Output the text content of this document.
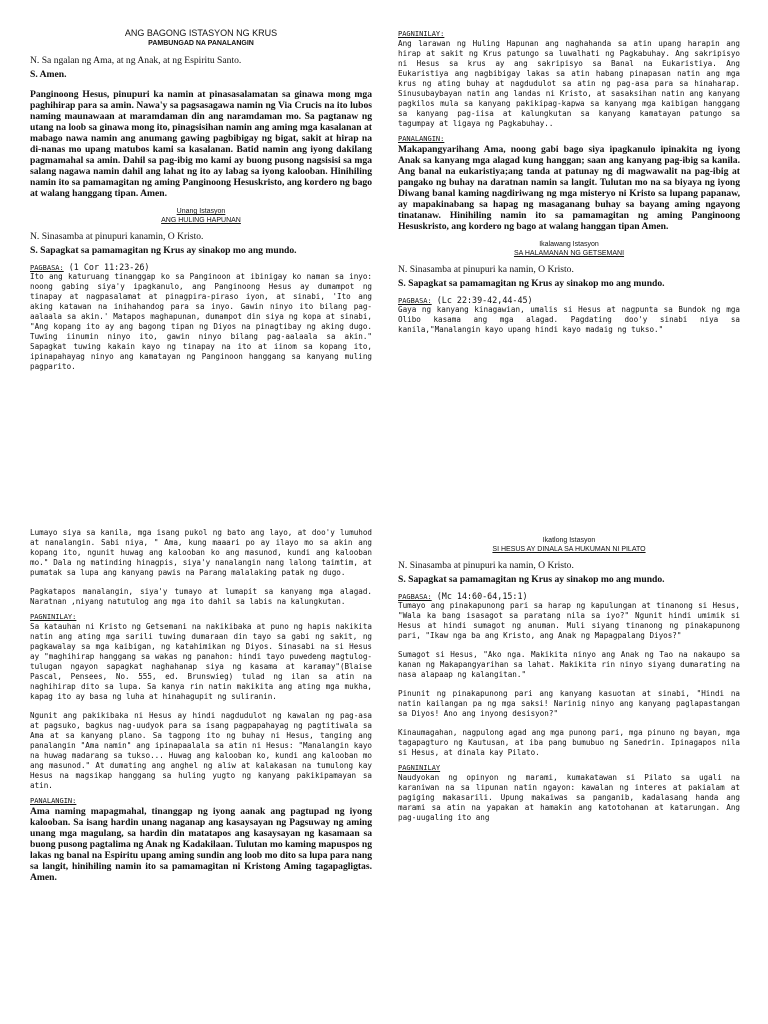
ANG BAGONG ISTASYON NG KRUS
PAMBUNGAD NA PANALANGIN

N. Sa ngalan ng Ama, at ng Anak, at ng Espiritu Santo.

S. Amen.

Panginoong Hesus, pinupuri ka namin at pinasasalamatan sa ginawa mong mga paghihirap para sa amin. Nawa'y sa pagsasagawa namin ng Via Crucis na ito lubos naming maunawaan at maramdaman din ang naramdaman mo. Sa pagtanaw ng utang na loob sa ginawa mong ito, pinagsisihan namin ang aming mga kasalanan at mabago nawa namin ang anumang gawing pagbibigay ng bigat, sakit at hirap na di-nanas mo upang matubos kami sa kasalanan. Batid namin ang iyong dakilang pagmamahal sa amin. Dahil sa pag-ibig mo kami ay buong pusong nagsisisi sa mga salang nagawa namin dahil ang lahat ng ito ay labag sa iyong kalooban. Hinihiling namin ito sa pamamagitan ng aming Panginoong Hesuskristo, ang kordero ng bago at walang hanggang tipan. Amen.

Unang Istasyon
ANG HULING HAPUNAN

N. Sinasamba at pinupuri kanamin, O Kristo.

S. Sapagkat sa pamamagitan ng Krus ay sinakop mo ang mundo.

PAGBASA: (1 Cor 11:23-26)

Ito ang katuruang tinanggap ko sa Panginoon at ibinigay ko naman sa inyo: noong gabing siya'y ipagkanulo, ang Panginoong Hesus ay dumampot ng tinapay at nagpasalamat at pinagpira-piraso iyon, at sinabi, 'Ito ang aking katawan na inihahandog para sa inyo. Gawin ninyo ito bilang pag-aalaala sa akin.' Matapos maghapunan, dumampot din siya ng kopa at sinabi, "Ang kopang ito ay ang bagong tipan ng Diyos na pinagtibay ng aking dugo. Tuwing iinumin ninyo ito, gawin ninyo bilang pag-aalaala sa akin." Sapagkat tuwing kakain kayo ng tinapay na ito at iinom sa kopang ito, ipinapahayag ninyo ang kamatayan ng Panginoon hanggang sa kanyang muling pagparito.

PAGNINILAY:

Ang larawan ng Huling Hapunan ang naghahanda sa atin upang harapin ang hirap at sakit ng Krus patungo sa luwalhati ng Pagkabuhay. Ang sakripisyo ni Hesus sa krus ay ang sakripisyo sa Banal na Eukaristiya. Ang Eukaristiya ang nagbibigay lakas sa atin habang pinapasan natin ang mga krus ng ating buhay at nagdudulot sa atin ng pag-asa para sa hinaharap. Sinusubaybayan natin ang landas ni Kristo, at sasaksihan natin ang kanyang pagkilos mula sa kanyang pakikipag-kapwa sa kanyang mga kaibigan hanggang sa kanyang pag-iisa at kalungkutan sa kanyang kamatayan patungo sa tagumpay at ligaya ng Pagkabuhay..

PANALANGIN:

Makapangyarihang Ama, noong gabi bago siya ipagkanulo ipinakita ng iyong Anak sa kanyang mga alagad kung hanggan; saan ang kanyang pag-ibig sa kanila. Ang banal na eukaristiya;ang tanda at patunay ng di magwawalit na pag-ibig at pangako ng buhay na daratnan namin sa langit. Tulutan mo na sa biyaya ng iyong Diwang banal kaming nagdiriwang ng mga misteryo ni Kristo sa lupang papanaw, ay mapakinabang sa hapag ng masaganang buhay sa bayang aming ngayong tinatanaw. Hinihiling namin ito sa pamamagitan ng aming Panginoong Hesuskristo, ang kordero ng bago at walang hanggan tipan Amen.

Ikalawang Istasyon
SA HALAMANAN NG GETSEMANI

N. Sinasamba at pinupuri ka namin, O Kristo.

S. Sapagkat sa pamamagitan ng Krus ay sinakop mo ang mundo.

PAGBASA: (Lc 22:39-42,44-45)

Gaya ng kanyang kinagawian, umalis si Hesus at nagpunta sa Bundok ng mga Olibo kasama ang mga alagad. Pagdating doo'y sinabi niya sa kanila,"Manalangin kayo upang hindi kayo madaig ng tukso."

Lumayo siya sa kanila, mga isang pukol ng bato ang layo, at doo'y lumuhod at nanalangin. Sabi niya, " Ama, kung maaari po ay ilayo mo sa akin ang kopang ito, ngunit huwag ang kalooban ko ang masunod, kundi ang kalooban mo." Dala ng matinding hinagpis, siya'y nanalangin nang lalong taimtim, at pumatak sa lupa ang kanyang pawis na Parang malalaking patak ng dugo.

Pagkatapos manalangin, siya'y tumayo at lumapit sa kanyang mga alagad. Naratnan ,niyang natutulog ang mga ito dahil sa labis na kalungkutan.

PAGNINILAY:

Sa katauhan ni Kristo ng Getsemani na nakikibaka at puno ng hapis nakikita natin ang ating mga sarili tuwing dumaraan din tayo sa gabi ng sakit, ng pagkawalay sa mga kaibigan, ng katahimikan ng Diyos. Sinasabi na si Hesus ay "maghihirap hanggang sa wakas ng panahon: hindi tayo puwedeng magtulog-tulugan ngayon sapagkat naghahanap siya ng kasama at karamay"(Blaise Pascal, Pensees, No. 555, ed. Brunswieg) tulad ng ilan sa atin na naghihirap dito sa lupa. Sa kanya rin natin makikita ang ating mga mukha, kapag ito ay basa ng luha at hinahagupit ng suliranin.

Ngunit ang pakikibaka ni Hesus ay hindi nagdudulot ng kawalan ng pag-asa at pagsuko, bagkus nag-uudyok para sa isang pagpapahayag ng pagtitiwala sa Ama at sa kanyang plano. Sa tagpong ito ng buhay ni Hesus, tanging ang panalangin "Ama namin" ang ipinapaalala sa atin ni Hesus: "Manalangin kayo na huwag madarang sa tukso... Huwag ang kalooban ko, kundi ang kalooban mo ang masunod." At dumating ang anghel ng aliw at kalakasan na tumulong kay Hesus na magsikap hanggang sa huling yugto ng kanyang pakikipamayan sa atin.

PANALANGIN:

Ama naming mapagmahal, tinanggap ng iyong aanak ang pagtupad ng iyong kalooban. Sa isang hardin unang naganap ang kasaysayan ng Pagsuway ng aming unang mga magulang, sa hardin din matatapos ang kasaysayan ng kasamaan sa buong pusong pagtalima ng Anak ng Kadakilaan. Tulutan mo kaming mapuspos ng lakas ng banal na Espiritu upang aming sundin ang loob mo dito sa lupa para nang sa langit, hinihiling namin ito sa pamamagitan ni Kristong Aming tagapagligtas. Amen.

Ikatlong Istasyon
SI HESUS AY DINALA SA HUKUMAN NI PILATO

N. Sinasamba at pinupuri ka namin, O Kristo.

S. Sapagkat sa pamamagitan ng Krus ay sinakop mo ang mundo.

PAGBASA: (Mc 14:60-64,15:1)

Tumayo ang pinakapunong pari sa harap ng kapulungan at tinanong si Hesus, "Wala ka bang isasagot sa paratang nila sa iyo?" Ngunit hindi umimik si Hesus at hindi sumagot ng anuman. Muli siyang tinanong ng pinakapunong pari, "Ikaw nga ba ang Kristo, ang Anak ng Mapagpalang Diyos?"

Sumagot si Hesus, "Ako nga. Makikita ninyo ang Anak ng Tao na nakaupo sa kanan ng Makapangyarihan sa lahat. Makikita rin ninyo siyang dumarating na nasa alapaap ng kalangitan."

Pinunit ng pinakapunong pari ang kanyang kasuotan at sinabi, "Hindi na natin kailangan pa ng mga saksi! Narinig ninyo ang kanyang paglapastangan sa Diyos! Ano ang inyong desisyon?"

Kinaumagahan, nagpulong agad ang mga punong pari, mga pinuno ng bayan, mga tagapagturo ng Kautusan, at iba pang bumubuo ng Sanedrin. Ipinagapos nila si Hesus, at dinala kay Pilato.

PAGNINILAY

Naudyokan ng opinyon ng marami, kumakatawan si Pilato sa ugali na karaniwan na sa lipunan natin ngayon: kawalan ng interes at pakialam at pagiging makasarili. Upung makaiwas sa panganib, kadalasang handa ang marami sa atin na yapakan at hamakin ang katotohanan at katarungan. Ang pag-uugaling ito ang
